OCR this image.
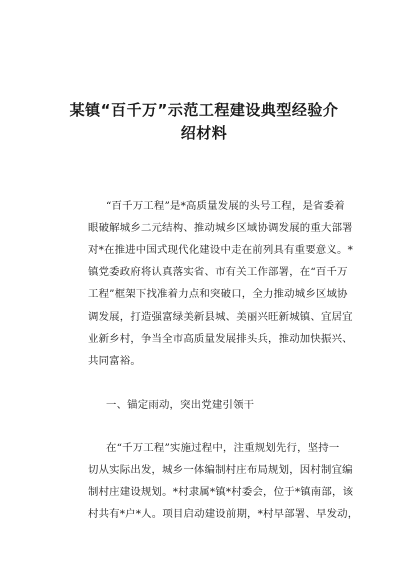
某镇“百千万”示范工程建设典型经验介
绍材料
“百千万工程”是*高质量发展的头号工程，是省委着
眼破解城乡二元结构、推动城乡区域协调发展的重大部署
对*在推进中国式现代化建设中走在前列具有重要意义。*
镇党委政府将认真落实省、市有关工作部署，在“百千万
工程”框架下找准着力点和突破口，全力推动城乡区域协
调发展，打造强富绿美新县城、美丽兴旺新城镇、宜居宜
业新乡村，争当全市高质量发展排头兵，推动加快振兴、
共同富裕。
一、锚定雨动，突出党建引领干
在“千万工程”实施过程中，注重规划先行，坚持一
切从实际出发，城乡一体编制村庄布局规划，因村制宜编
制村庄建设规划。*村隶属*镇*村委会，位于*镇南部，该
村共有*户*人。项目启动建设前期，*村早部署、早发动，
